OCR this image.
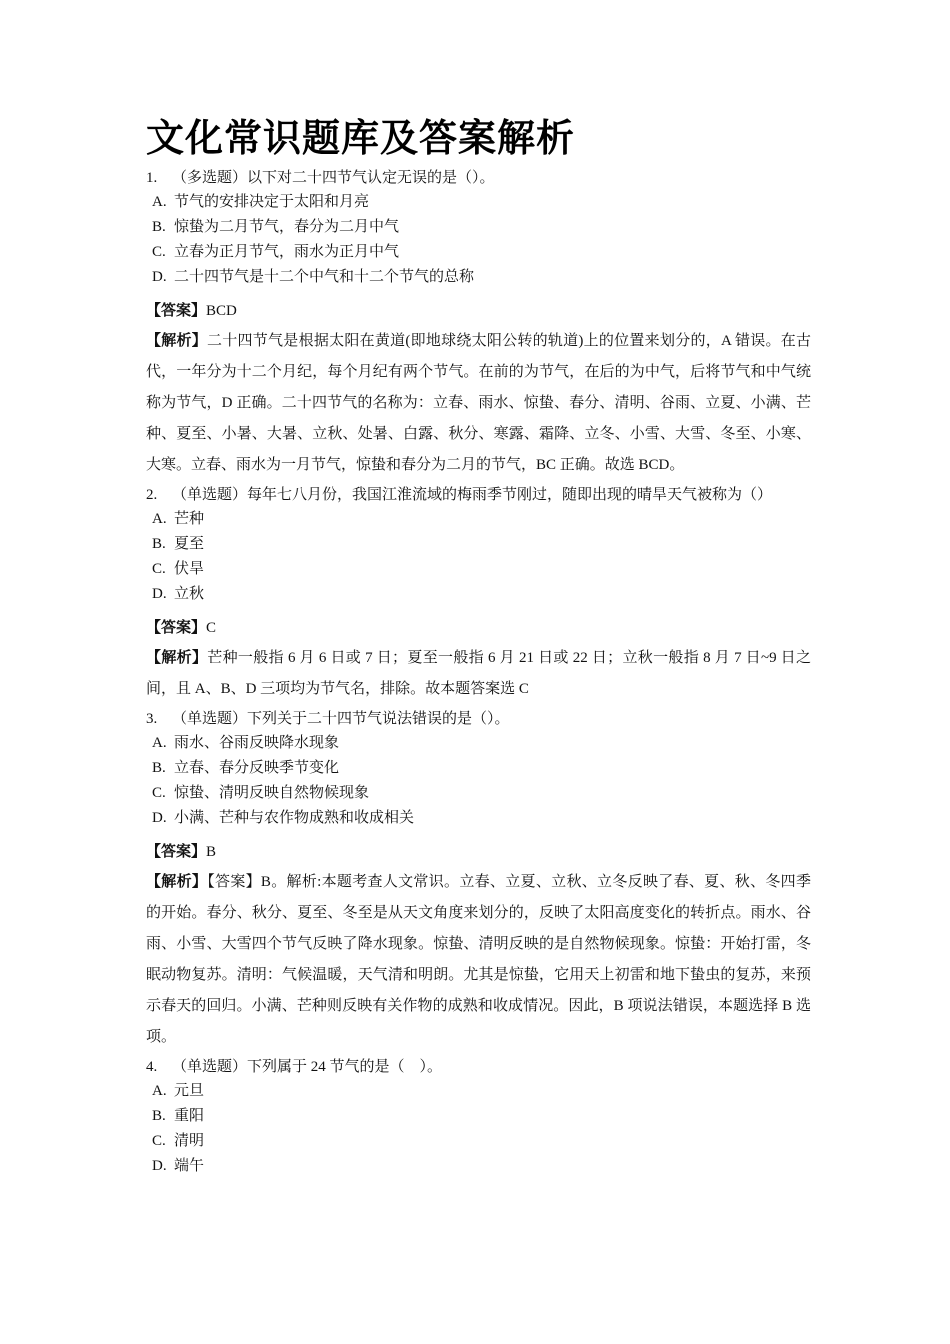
文化常识题库及答案解析
1. （多选题）以下对二十四节气认定无误的是（）。
A. 节气的安排决定于太阳和月亮
B. 惊蛰为二月节气，春分为二月中气
C. 立春为正月节气，雨水为正月中气
D. 二十四节气是十二个中气和十二个节气的总称
【答案】BCD
【解析】二十四节气是根据太阳在黄道(即地球绕太阳公转的轨道)上的位置来划分的，A 错误。在古代，一年分为十二个月纪，每个月纪有两个节气。在前的为节气，在后的为中气，后将节气和中气统称为节气，D 正确。二十四节气的名称为：立春、雨水、惊蛰、春分、清明、谷雨、立夏、小满、芒种、夏至、小暑、大暑、立秋、处暑、白露、秋分、寒露、霜降、立冬、小雪、大雪、冬至、小寒、大寒。立春、雨水为一月节气，惊蛰和春分为二月的节气，BC 正确。故选 BCD。
2. （单选题）每年七八月份，我国江淮流域的梅雨季节刚过，随即出现的晴旱天气被称为（）
A. 芒种
B. 夏至
C. 伏旱
D. 立秋
【答案】C
【解析】芒种一般指 6 月 6 日或 7 日；夏至一般指 6 月 21 日或 22 日；立秋一般指 8 月 7 日~9 日之间，且 A、B、D 三项均为节气名，排除。故本题答案选 C
3. （单选题）下列关于二十四节气说法错误的是（）。
A. 雨水、谷雨反映降水现象
B. 立春、春分反映季节变化
C. 惊蛰、清明反映自然物候现象
D. 小满、芒种与农作物成熟和收成相关
【答案】B
【解析】【答案】B。解析:本题考查人文常识。立春、立夏、立秋、立冬反映了春、夏、秋、冬四季的开始。春分、秋分、夏至、冬至是从天文角度来划分的，反映了太阳高度变化的转折点。雨水、谷雨、小雪、大雪四个节气反映了降水现象。惊蛰、清明反映的是自然物候现象。惊蛰：开始打雷，冬眠动物复苏。清明：气候温暖，天气清和明朗。尤其是惊蛰，它用天上初雷和地下蛰虫的复苏，来预示春天的回归。小满、芒种则反映有关作物的成熟和收成情况。因此，B 项说法错误，本题选择 B 选项。
4. （单选题）下列属于 24 节气的是（　）。
A. 元旦
B. 重阳
C. 清明
D. 端午
